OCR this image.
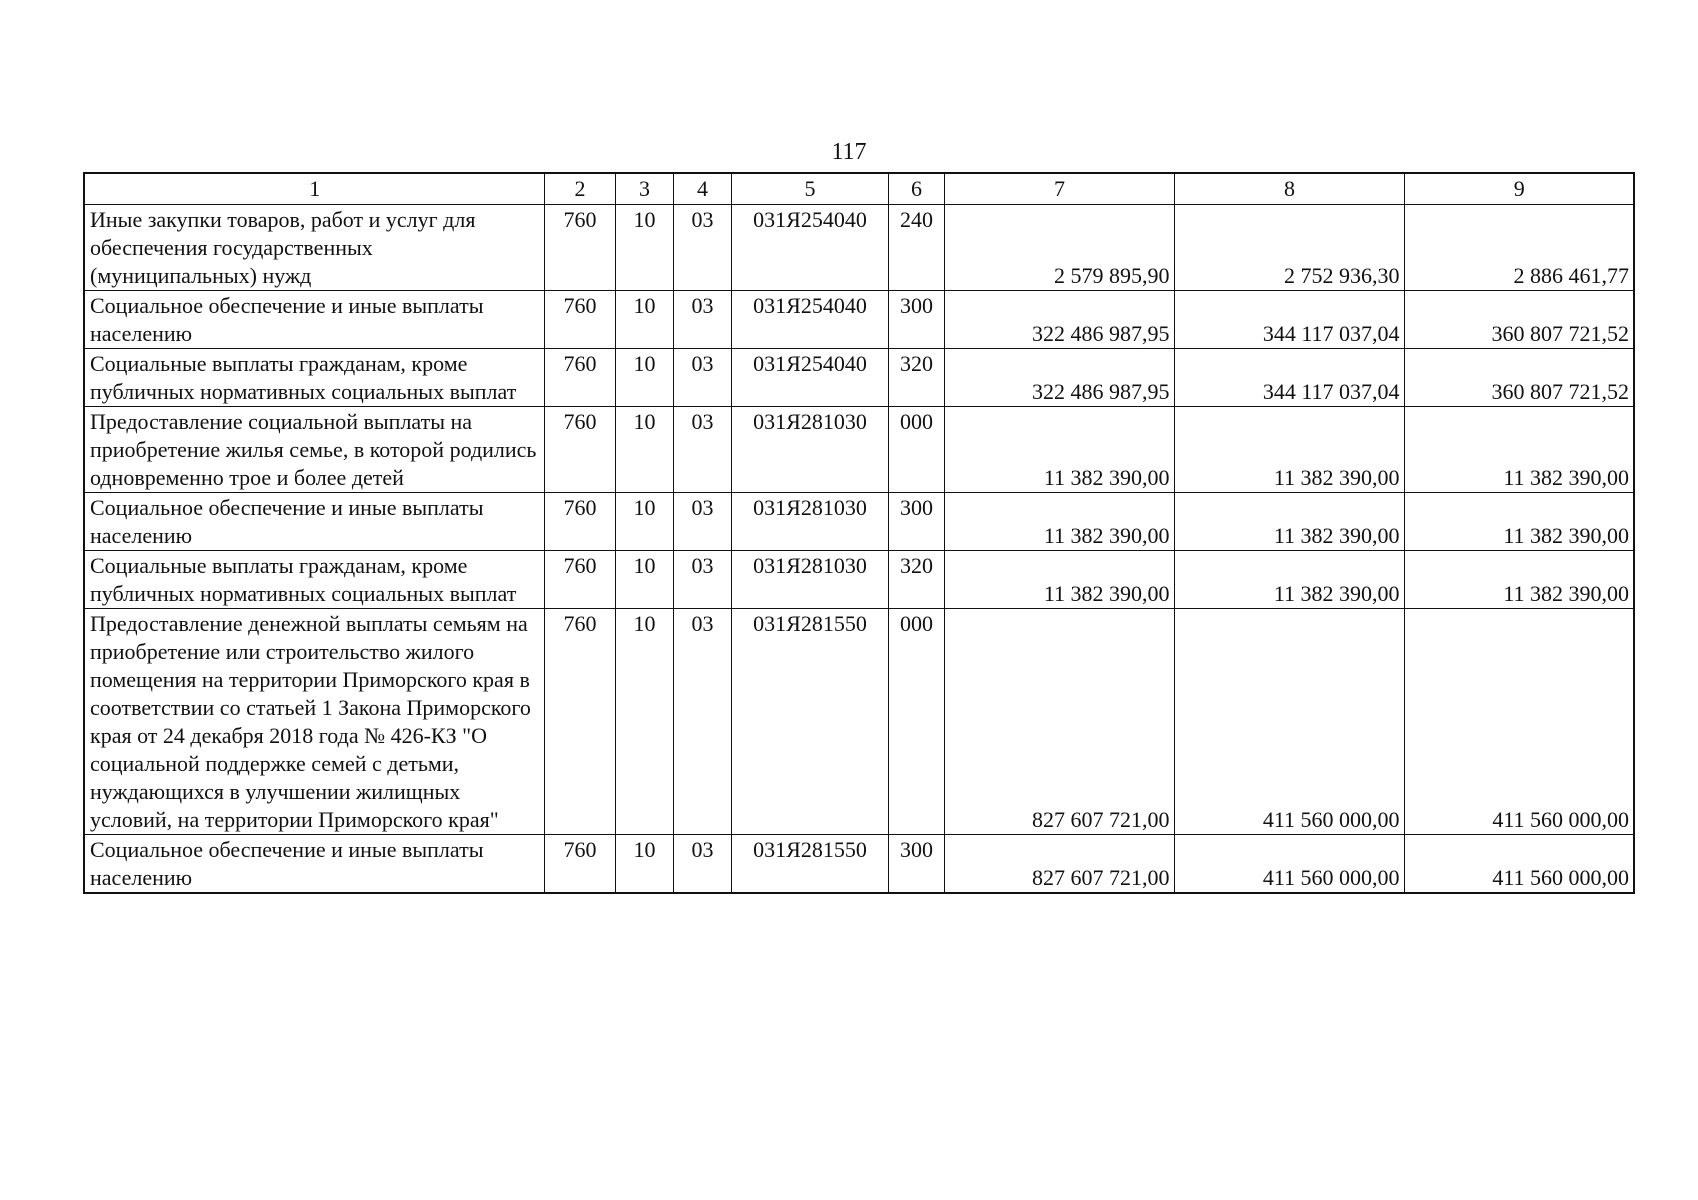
117
1	2	3	4	5	6	7	8	9
Иные закупки товаров, работ и услуг для обеспечения государственных (муниципальных) нужд	760	10	03	031Я254040	240	2 579 895,90	2 752 936,30	2 886 461,77
Социальное обеспечение и иные выплаты населению	760	10	03	031Я254040	300	322 486 987,95	344 117 037,04	360 807 721,52
Социальные выплаты гражданам, кроме публичных нормативных социальных выплат	760	10	03	031Я254040	320	322 486 987,95	344 117 037,04	360 807 721,52
Предоставление социальной выплаты на приобретение жилья семье, в которой родились одновременно трое и более детей	760	10	03	031Я281030	000	11 382 390,00	11 382 390,00	11 382 390,00
Социальное обеспечение и иные выплаты населению	760	10	03	031Я281030	300	11 382 390,00	11 382 390,00	11 382 390,00
Социальные выплаты гражданам, кроме публичных нормативных социальных выплат	760	10	03	031Я281030	320	11 382 390,00	11 382 390,00	11 382 390,00
Предоставление денежной выплаты семьям на приобретение или строительство жилого помещения на территории Приморского края в соответствии со статьей 1 Закона Приморского края от 24 декабря 2018 года № 426-КЗ "О социальной поддержке семей с детьми, нуждающихся в улучшении жилищных условий, на территории Приморского края"	760	10	03	031Я281550	000	827 607 721,00	411 560 000,00	411 560 000,00
Социальное обеспечение и иные выплаты населению	760	10	03	031Я281550	300	827 607 721,00	411 560 000,00	411 560 000,00
